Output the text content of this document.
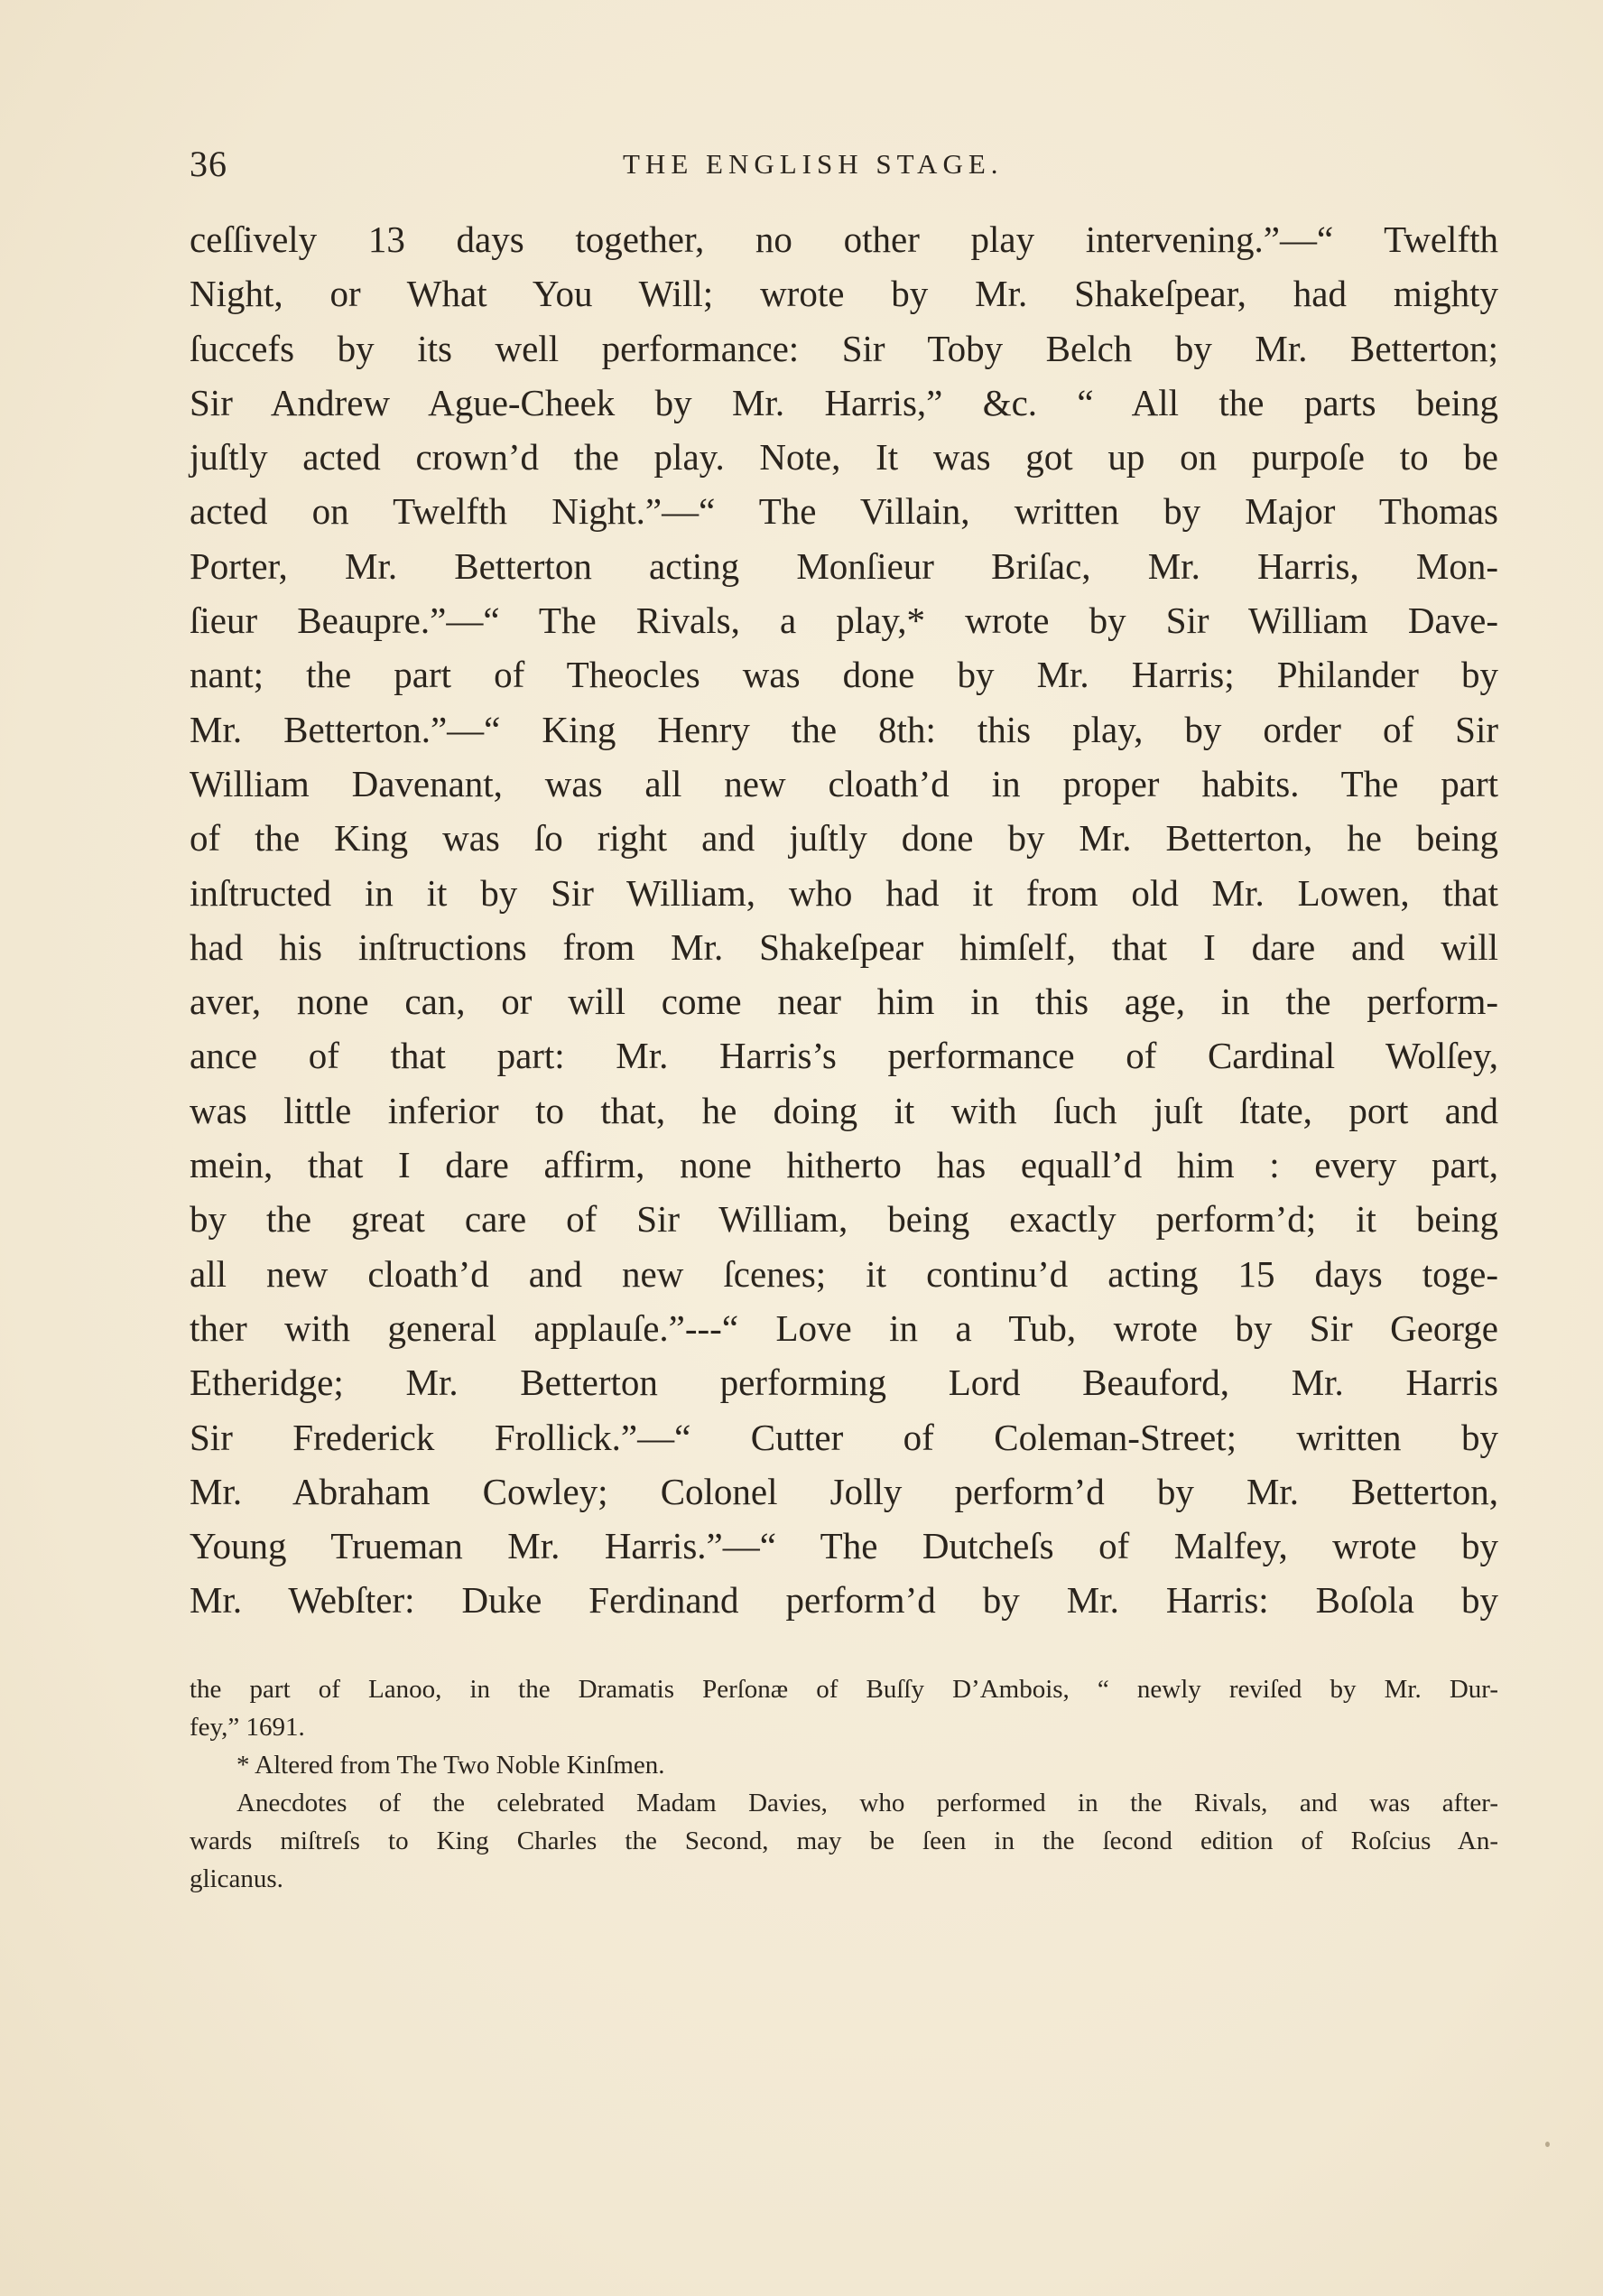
36	THE ENGLISH STAGE.
ceſſively 13 days together, no other play intervening.”—“ Twelfth
Night, or What You Will; wrote by Mr. Shakeſpear, had mighty
ſuccefs by its well performance: Sir Toby Belch by Mr. Betterton;
Sir Andrew Ague-Cheek by Mr. Harris,” &c. “ All the parts being
juſtly acted crown’d the play. Note, It was got up on purpoſe to be
acted on Twelfth Night.”—“ The Villain, written by Major Thomas
Porter, Mr. Betterton acting Monſieur Briſac, Mr. Harris, Mon-
ſieur Beaupre.”—“ The Rivals, a play,* wrote by Sir William Dave-
nant; the part of Theocles was done by Mr. Harris; Philander by
Mr. Betterton.”—“ King Henry the 8th: this play, by order of Sir
William Davenant, was all new cloath’d in proper habits. The part
of the King was ſo right and juſtly done by Mr. Betterton, he being
inſtructed in it by Sir William, who had it from old Mr. Lowen, that
had his inſtructions from Mr. Shakeſpear himſelf, that I dare and will
aver, none can, or will come near him in this age, in the perform-
ance of that part: Mr. Harris’s performance of Cardinal Wolſey,
was little inferior to that, he doing it with ſuch juſt ſtate, port and
mein, that I dare affirm, none hitherto has equall’d him : every part,
by the great care of Sir William, being exactly perform’d; it being
all new cloath’d and new ſcenes; it continu’d acting 15 days toge-
ther with general applauſe.”---“ Love in a Tub, wrote by Sir George
Etheridge; Mr. Betterton performing Lord Beauford, Mr. Harris
Sir Frederick Frollick.”—“ Cutter of Coleman-Street; written by
Mr. Abraham Cowley; Colonel Jolly perform’d by Mr. Betterton,
Young Trueman Mr. Harris.”—“ The Dutcheſs of Malfey, wrote by
Mr. Webſter: Duke Ferdinand perform’d by Mr. Harris: Boſola by
the part of Lanoo, in the Dramatis Perſonæ of Buſſy D’Ambois, “ newly reviſed by Mr. Dur-
fey,” 1691.
* Altered from The Two Noble Kinſmen.
Anecdotes of the celebrated Madam Davies, who performed in the Rivals, and was after-
wards miſtreſs to King Charles the Second, may be ſeen in the ſecond edition of Roſcius An-
glicanus.
